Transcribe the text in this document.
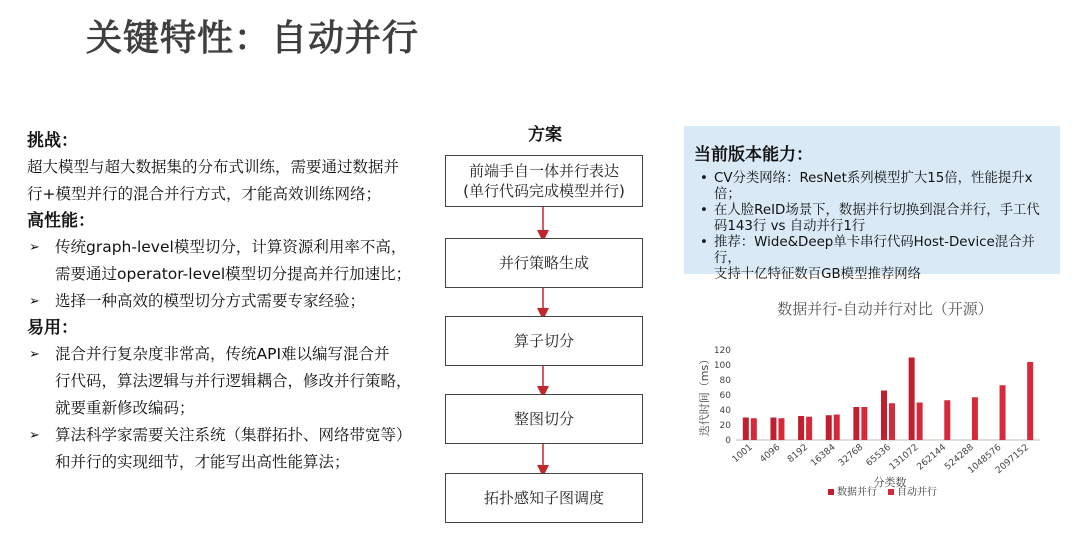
关键特性：自动并行

挑战：

超大模型与超大数据集的分布式训练，需要通过数据并

行+模型并行的混合并行方式，才能高效训练网络；

高性能：

➢ 传统graph-level模型切分，计算资源利用率不高，
需要通过operator-level模型切分提高并行加速比；
➢ 选择一种高效的模型切分方式需要专家经验；

易用：

➢ 混合并行复杂度非常高，传统API难以编写混合并
行代码，算法逻辑与并行逻辑耦合，修改并行策略，
就要重新修改编码；
➢ 算法科学家需要关注系统（集群拓扑、网络带宽等）
和并行的实现细节，才能写出高性能算法；
方案
前端手自一体并行表达
(单行代码完成模型并行)
并行策略生成
算子切分
整图切分
拓扑感知子图调度

当前版本能力：

• CV分类网络：ResNet系列模型扩大15倍，性能提升x倍；
• 在人脸ReID场景下，数据并行切换到混合并行，手工代
码143行 vs 自动并行1行
• 推荐：Wide&Deep单卡串行代码Host-Device混合并行，
支持十亿特征数百GB模型推荐网络
数据并行-自动并行对比（开源）
迭代时间（ms）
分类数
0
20
40
60
80
100
120
1001 4096 8192 16384 32768 65536
131072
262144
524288
1048576
2097152
数据并行 自动并行
